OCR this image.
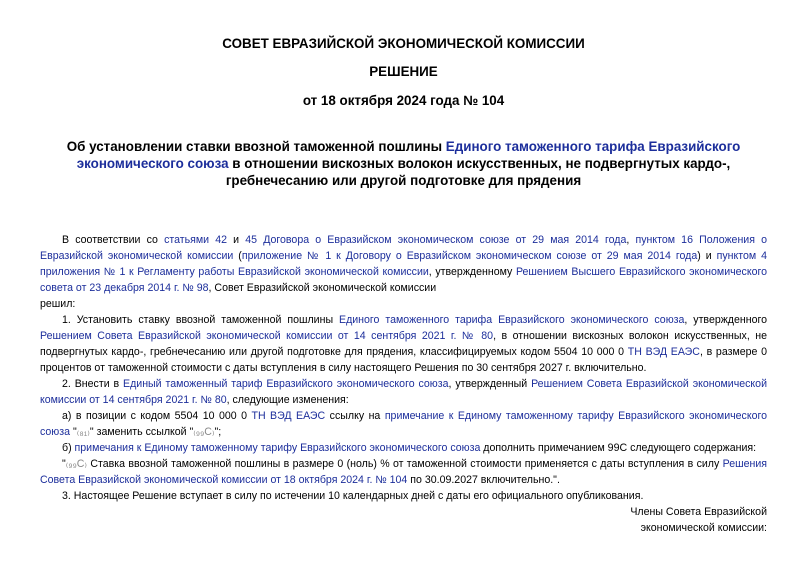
СОВЕТ ЕВРАЗИЙСКОЙ ЭКОНОМИЧЕСКОЙ КОМИССИИ
РЕШЕНИЕ
от 18 октября 2024 года № 104
Об установлении ставки ввозной таможенной пошлины Единого таможенного тарифа Евразийского экономического союза в отношении вискозных волокон искусственных, не подвергнутых кардо-, гребнечесанию или другой подготовке для прядения
В соответствии со статьями 42 и 45 Договора о Евразийском экономическом союзе от 29 мая 2014 года, пунктом 16 Положения о Евразийской экономической комиссии (приложение № 1 к Договору о Евразийском экономическом союзе от 29 мая 2014 года) и пунктом 4 приложения № 1 к Регламенту работы Евразийской экономической комиссии, утвержденному Решением Высшего Евразийского экономического совета от 23 декабря 2014 г. № 98, Совет Евразийской экономической комиссии
решил:
1. Установить ставку ввозной таможенной пошлины Единого таможенного тарифа Евразийского экономического союза, утвержденного Решением Совета Евразийской экономической комиссии от 14 сентября 2021 г. № 80, в отношении вискозных волокон искусственных, не подвергнутых кардо-, гребнечесанию или другой подготовке для прядения, классифицируемых кодом 5504 10 000 0 ТН ВЭД ЕАЭС, в размере 0 процентов от таможенной стоимости с даты вступления в силу настоящего Решения по 30 сентября 2027 г. включительно.
2. Внести в Единый таможенный тариф Евразийского экономического союза, утвержденный Решением Совета Евразийской экономической комиссии от 14 сентября 2021 г. № 80, следующие изменения:
а) в позиции с кодом 5504 10 000 0 ТН ВЭД ЕАЭС ссылку на примечание к Единому таможенному тарифу Евразийского экономического союза "₍₈₁₎" заменить ссылкой "₍₉₉С₎";
б) примечания к Единому таможенному тарифу Евразийского экономического союза дополнить примечанием 99С следующего содержания:
"₍₉₉С₎ Ставка ввозной таможенной пошлины в размере 0 (ноль) % от таможенной стоимости применяется с даты вступления в силу Решения Совета Евразийской экономической комиссии от 18 октября 2024 г. № 104 по 30.09.2027 включительно.".
3. Настоящее Решение вступает в силу по истечении 10 календарных дней с даты его официального опубликования.
Члены Совета Евразийской
экономической комиссии:
